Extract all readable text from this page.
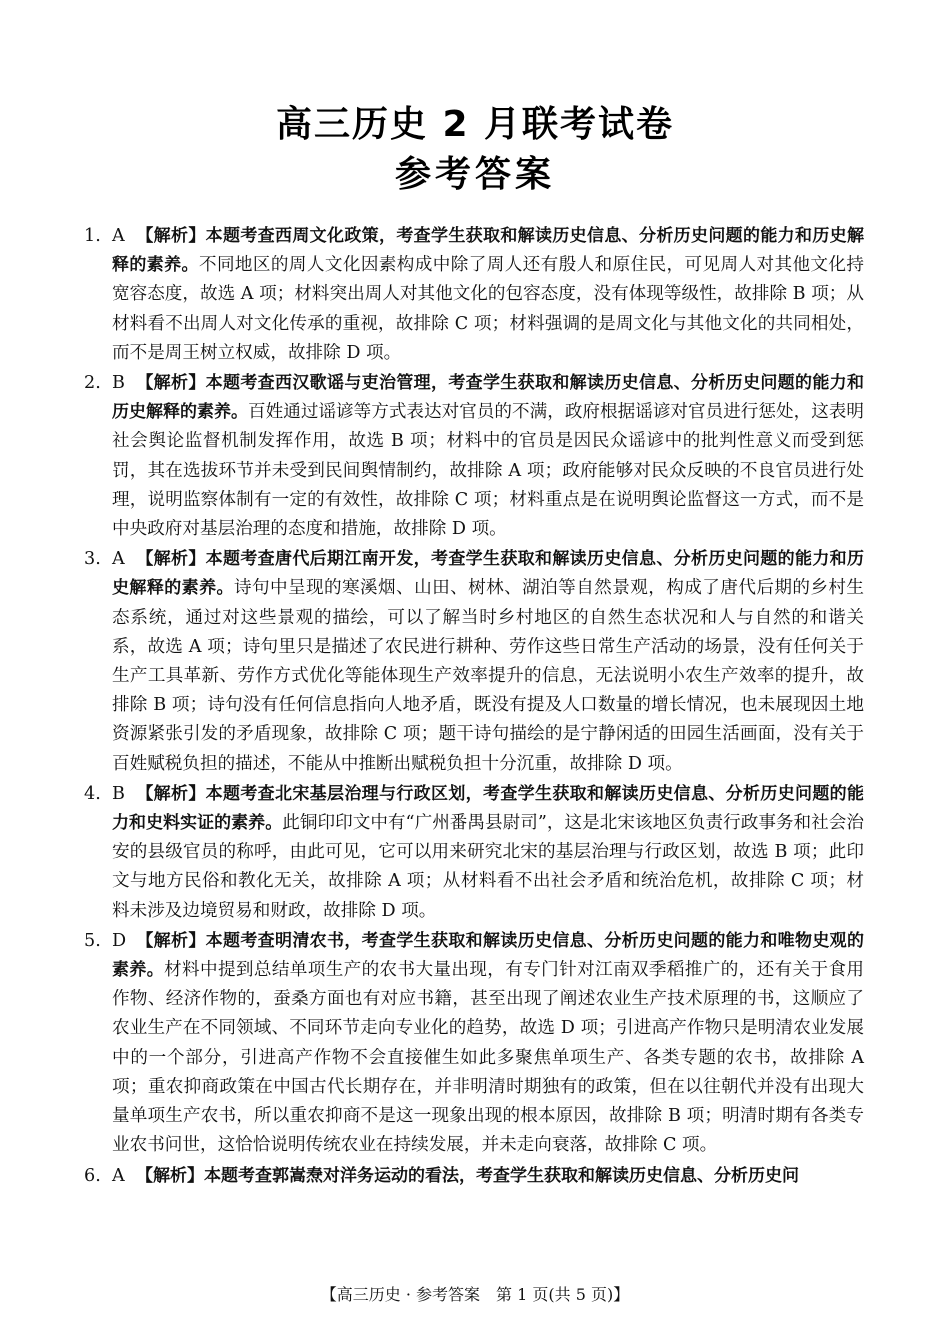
高三历史 2 月联考试卷
参考答案
1. A 【解析】本题考查西周文化政策，考查学生获取和解读历史信息、分析历史问题的能力和历史解释的素养。不同地区的周人文化因素构成中除了周人还有殷人和原住民，可见周人对其他文化持宽容态度，故选 A 项；材料突出周人对其他文化的包容态度，没有体现等级性，故排除 B 项；从材料看不出周人对文化传承的重视，故排除 C 项；材料强调的是周文化与其他文化的共同相处，而不是周王树立权威，故排除 D 项。
2. B 【解析】本题考查西汉歌谣与吏治管理，考查学生获取和解读历史信息、分析历史问题的能力和历史解释的素养。百姓通过谣谚等方式表达对官员的不满，政府根据谣谚对官员进行惩处，这表明社会舆论监督机制发挥作用，故选 B 项；材料中的官员是因民众谣谚中的批判性意义而受到惩罚，其在选拔环节并未受到民间舆情制约，故排除 A 项；政府能够对民众反映的不良官员进行处理，说明监察体制有一定的有效性，故排除 C 项；材料重点是在说明舆论监督这一方式，而不是中央政府对基层治理的态度和措施，故排除 D 项。
3. A 【解析】本题考查唐代后期江南开发，考查学生获取和解读历史信息、分析历史问题的能力和历史解释的素养。诗句中呈现的寒溪烟、山田、树林、湖泊等自然景观，构成了唐代后期的乡村生态系统，通过对这些景观的描绘，可以了解当时乡村地区的自然生态状况和人与自然的和谐关系，故选 A 项；诗句里只是描述了农民进行耕种、劳作这些日常生产活动的场景，没有任何关于生产工具革新、劳作方式优化等能体现生产效率提升的信息，无法说明小农生产效率的提升，故排除 B 项；诗句没有任何信息指向人地矛盾，既没有提及人口数量的增长情况，也未展现因土地资源紧张引发的矛盾现象，故排除 C 项；题干诗句描绘的是宁静闲适的田园生活画面，没有关于百姓赋税负担的描述，不能从中推断出赋税负担十分沉重，故排除 D 项。
4. B 【解析】本题考查北宋基层治理与行政区划，考查学生获取和解读历史信息、分析历史问题的能力和史料实证的素养。此铜印印文中有“广州番禺县尉司”，这是北宋该地区负责行政事务和社会治安的县级官员的称呼，由此可见，它可以用来研究北宋的基层治理与行政区划，故选 B 项；此印文与地方民俗和教化无关，故排除 A 项；从材料看不出社会矛盾和统治危机，故排除 C 项；材料未涉及边境贸易和财政，故排除 D 项。
5. D 【解析】本题考查明清农书，考查学生获取和解读历史信息、分析历史问题的能力和唯物史观的素养。材料中提到总结单项生产的农书大量出现，有专门针对江南双季稻推广的，还有关于食用作物、经济作物的，蚕桑方面也有对应书籍，甚至出现了阐述农业生产技术原理的书，这顺应了农业生产在不同领域、不同环节走向专业化的趋势，故选 D 项；引进高产作物只是明清农业发展中的一个部分，引进高产作物不会直接催生如此多聚焦单项生产、各类专题的农书，故排除 A 项；重农抑商政策在中国古代长期存在，并非明清时期独有的政策，但在以往朝代并没有出现大量单项生产农书，所以重农抑商不是这一现象出现的根本原因，故排除 B 项；明清时期有各类专业农书问世，这恰恰说明传统农业在持续发展，并未走向衰落，故排除 C 项。
6. A 【解析】本题考查郭嵩焘对洋务运动的看法，考查学生获取和解读历史信息、分析历史问
【高三历史 · 参考答案　第 1 页(共 5 页)】
